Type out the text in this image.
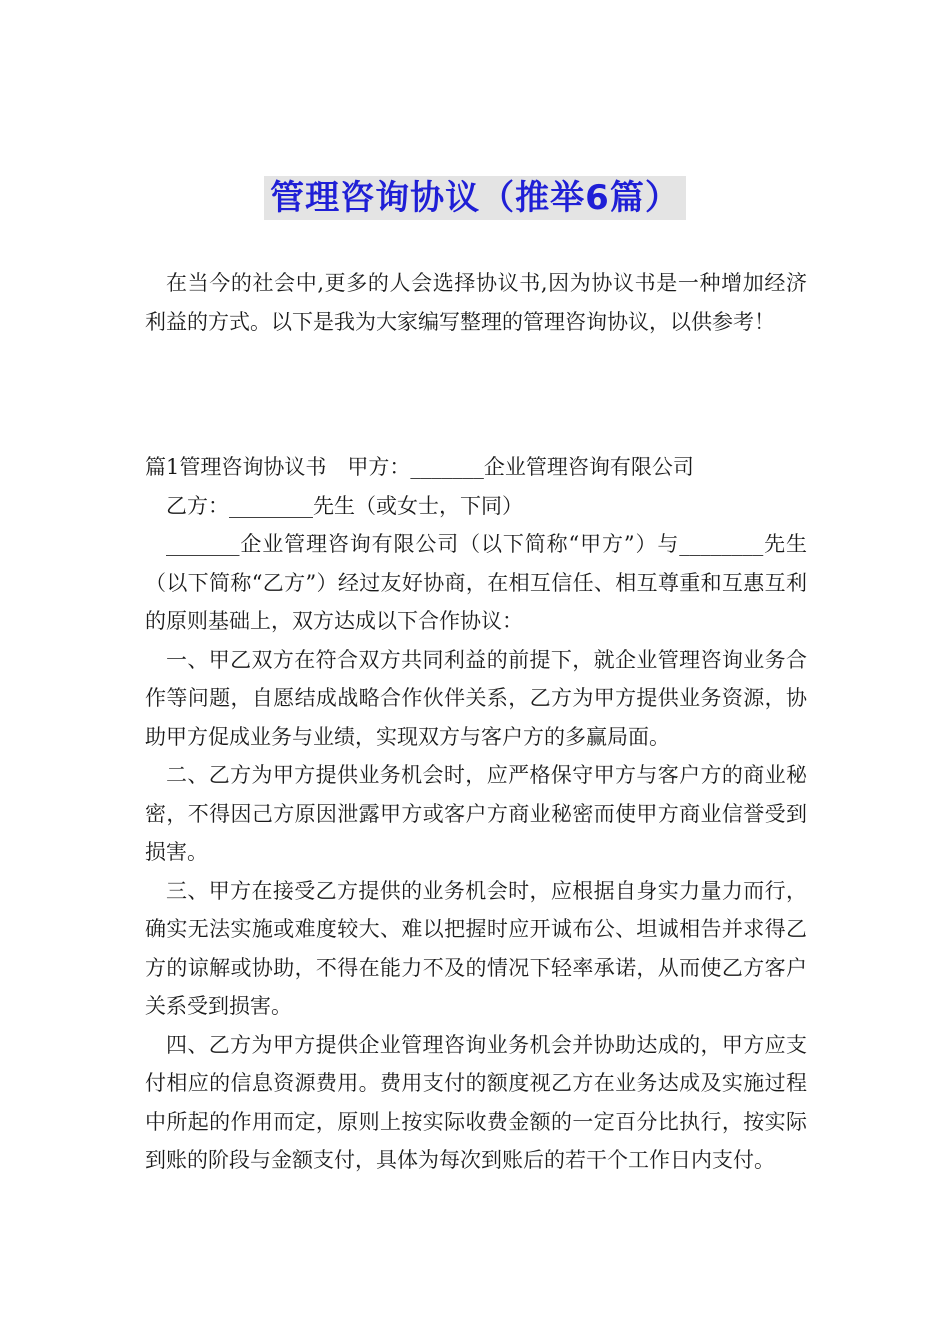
管理咨询协议（推举6篇）

在当今的社会中,更多的人会选择协议书,因为协议书是一种增加经济利益的方式。以下是我为大家编写整理的管理咨询协议，以供参考！

篇1管理咨询协议书　甲方：_______企业管理咨询有限公司

乙方：________先生（或女士，下同）

_______企业管理咨询有限公司（以下简称“甲方”）与________先生（以下简称“乙方”）经过友好协商，在相互信任、相互尊重和互惠互利的原则基础上，双方达成以下合作协议：

一、甲乙双方在符合双方共同利益的前提下，就企业管理咨询业务合作等问题，自愿结成战略合作伙伴关系，乙方为甲方提供业务资源，协助甲方促成业务与业绩，实现双方与客户方的多赢局面。

二、乙方为甲方提供业务机会时，应严格保守甲方与客户方的商业秘密，不得因己方原因泄露甲方或客户方商业秘密而使甲方商业信誉受到损害。

三、甲方在接受乙方提供的业务机会时，应根据自身实力量力而行，确实无法实施或难度较大、难以把握时应开诚布公、坦诚相告并求得乙方的谅解或协助，不得在能力不及的情况下轻率承诺，从而使乙方客户关系受到损害。

四、乙方为甲方提供企业管理咨询业务机会并协助达成的，甲方应支付相应的信息资源费用。费用支付的额度视乙方在业务达成及实施过程中所起的作用而定，原则上按实际收费金额的一定百分比执行，按实际到账的阶段与金额支付，具体为每次到账后的若干个工作日内支付。
